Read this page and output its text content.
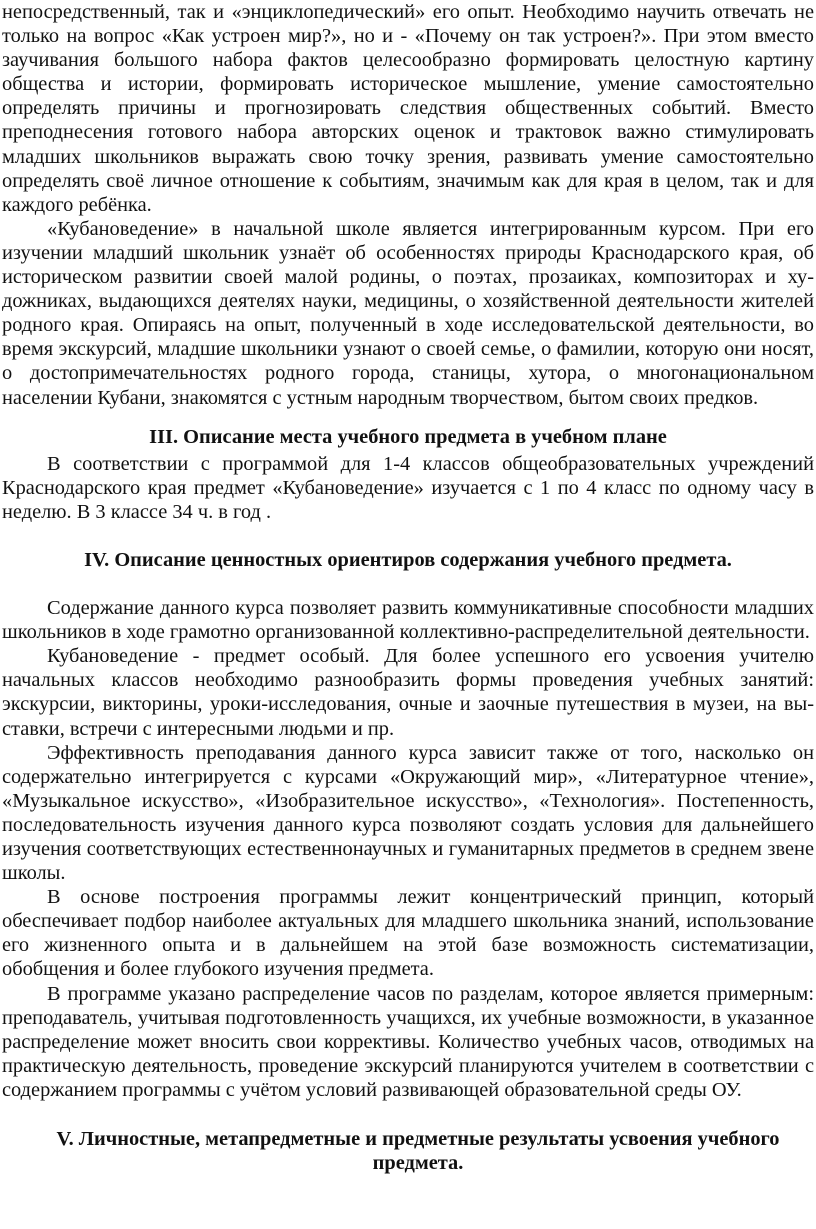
непосредственный, так и «энциклопедический» его опыт. Необходимо научить отвечать не только на вопрос «Как устроен мир?», но и - «Почему он так устроен?». При этом вместо заучивания большого набора фактов целесообразно формировать целостную картину общества и истории, формировать историческое мышление, умение самостоятельно определять причины и прогнозировать следствия общественных событий. Вместо преподнесения готового набора авторских оценок и трактовок важно стимулировать младших школьников выражать свою точку зрения, развивать умение самостоятельно определять своё личное отношение к событиям, значимым как для края в целом, так и для каждого ребёнка.

«Кубановедение» в начальной школе является интегрированным курсом. При его изучении младший школьник узнаёт об особенностях природы Краснодарского края, об историческом развитии своей малой родины, о поэтах, прозаиках, композиторах и художниках, выдающихся деятелях науки, медицины, о хозяйственной деятельности жителей родного края. Опираясь на опыт, полученный в ходе исследовательской деятельности, во время экскурсий, младшие школьники узнают о своей семье, о фамилии, которую они носят, о достопримечательностях родного города, станицы, хутора, о многонациональном населении Кубани, знакомятся с устным народным творчеством, бытом своих предков.

III. Описание места учебного предмета в учебном плане

В соответствии с программой для 1-4 классов общеобразовательных учреждений Краснодарского края предмет «Кубановедение» изучается с 1 по 4 класс по одному часу в неделю. В 3 классе 34 ч. в год .

IV. Описание ценностных ориентиров содержания учебного предмета.

Содержание данного курса позволяет развить коммуникативные способности младших школьников в ходе грамотно организованной коллективно-распределительной деятельности.

Кубановедение - предмет особый. Для более успешного его усвоения учителю начальных классов необходимо разнообразить формы проведения учебных занятий: экскурсии, викторины, уроки-исследования, очные и заочные путешествия в музеи, на выставки, встречи с интересными людьми и пр.

Эффективность преподавания данного курса зависит также от того, насколько он содержательно интегрируется с курсами «Окружающий мир», «Литературное чтение», «Музыкальное искусство», «Изобразительное искусство», «Технология». Постепенность, последовательность изучения данного курса позволяют создать условия для дальнейшего изучения соответствующих естественнонаучных и гуманитарных предметов в среднем звене школы.

В основе построения программы лежит концентрический принцип, который обеспечивает подбор наиболее актуальных для младшего школьника знаний, использование его жизненного опыта и в дальнейшем на этой базе возможность систематизации, обобщения и более глубокого изучения предмета.

В программе указано распределение часов по разделам, которое является примерным: преподаватель, учитывая подготовленность учащихся, их учебные возможности, в указанное распределение может вносить свои коррективы. Количество учебных часов, отводимых на практическую деятельность, проведение экскурсий планируются учителем в соответствии с содержанием программы с учётом условий развивающей образовательной среды ОУ.

V. Личностные, метапредметные и предметные результаты усвоения учебного предмета.
